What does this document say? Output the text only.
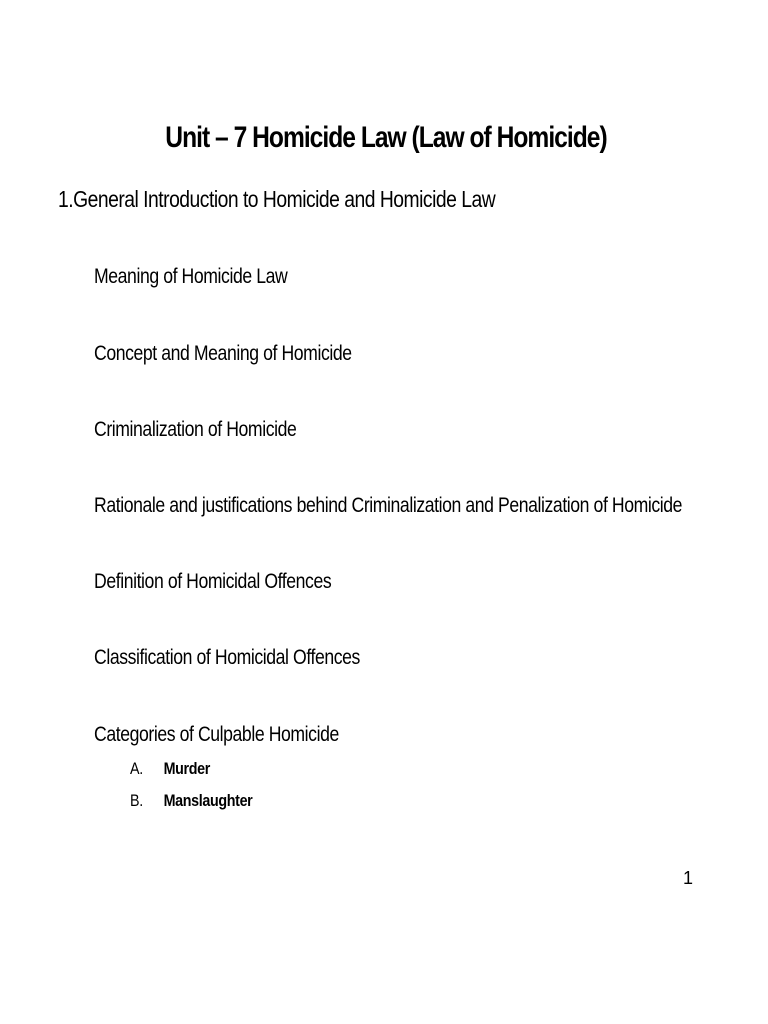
Unit – 7 Homicide Law (Law of Homicide)
1.General Introduction to Homicide and Homicide Law
Meaning of Homicide Law
Concept and Meaning of Homicide
Criminalization of Homicide
Rationale and justifications behind Criminalization and Penalization of Homicide
Definition of Homicidal Offences
Classification of Homicidal Offences
Categories of Culpable Homicide
A. Murder
B. Manslaughter
1
